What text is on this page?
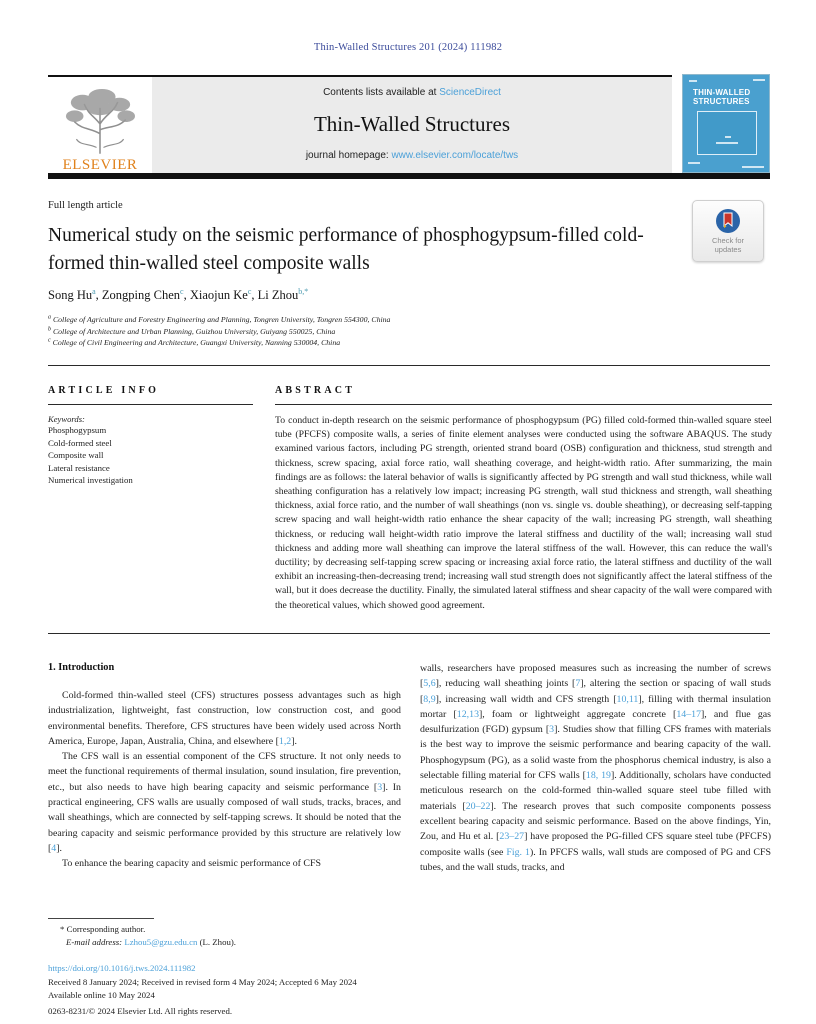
Thin-Walled Structures 201 (2024) 111982
ELSEVIER
Contents lists available at ScienceDirect
Thin-Walled Structures
journal homepage: www.elsevier.com/locate/tws
THIN-WALLED
STRUCTURES
Full length article
Numerical study on the seismic performance of phosphogypsum-filled cold-formed thin-walled steel composite walls
Check for
updates
Song Hu$^a$, Zongping Chen$^c$, Xiaojun Ke$^c$, Li Zhou$^{b,*}$
$^a$ College of Agriculture and Forestry Engineering and Planning, Tongren University, Tongren 554300, China
$^b$ College of Architecture and Urban Planning, Guizhou University, Guiyang 550025, China
$^c$ College of Civil Engineering and Architecture, Guangxi University, Nanning 530004, China
ARTICLE INFO
Keywords:
Phosphogypsum
Cold-formed steel
Composite wall
Lateral resistance
Numerical investigation
ABSTRACT
To conduct in-depth research on the seismic performance of phosphogypsum (PG) filled cold-formed thin-walled square steel tube (PFCFS) composite walls, a series of finite element analyses were conducted using the software ABAQUS. The study examined various factors, including PG strength, oriented strand board (OSB) configuration and thickness, stud strength and thickness, screw spacing, axial force ratio, wall sheathing coverage, and height-width ratio. After summarizing, the main findings are as follows: the lateral behavior of walls is significantly affected by PG strength and wall stud thickness, while wall sheathing configuration has a relatively low impact; increasing PG strength, wall stud thickness and strength, wall sheathing thickness, axial force ratio, and the number of wall sheathings (non vs. single vs. double sheathing), or decreasing self-tapping screw spacing and wall height-width ratio enhance the shear capacity of the wall; increasing PG strength, wall sheathing thickness, or reducing wall height-width ratio improve the lateral stiffness and ductility of the wall; increasing wall stud thickness and adding more wall sheathing can improve the lateral stiffness of the wall. However, this can reduce the wall's ductility; by decreasing self-tapping screw spacing or increasing axial force ratio, the lateral stiffness and ductility of the wall exhibit an increasing-then-decreasing trend; increasing wall stud strength does not significantly affect the lateral stiffness of the wall, but it does decrease the ductility. Finally, the simulated lateral stiffness and shear capacity of the wall were compared with the theoretical values, which showed good agreement.
1. Introduction
Cold-formed thin-walled steel (CFS) structures possess advantages such as high industrialization, lightweight, fast construction, low construction cost, and good environmental benefits. Therefore, CFS structures have been widely used across North America, Europe, Japan, Australia, China, and elsewhere [1,2].
The CFS wall is an essential component of the CFS structure. It not only needs to meet the functional requirements of thermal insulation, sound insulation, fire prevention, etc., but also needs to have high bearing capacity and seismic performance [3]. In practical engineering, CFS walls are usually composed of wall studs, tracks, braces, and wall sheathings, which are connected by self-tapping screws. It should be noted that the bearing capacity and seismic performance provided by this structure are relatively low [4].
To enhance the bearing capacity and seismic performance of CFS
walls, researchers have proposed measures such as increasing the number of screws [5,6], reducing wall sheathing joints [7], altering the section or spacing of wall studs [8,9], increasing wall width and CFS strength [10,11], filling with thermal insulation mortar [12,13], foam or lightweight aggregate concrete [14–17], and flue gas desulfurization (FGD) gypsum [3]. Studies show that filling CFS frames with materials is the best way to improve the seismic performance and bearing capacity of the wall. Phosphogypsum (PG), as a solid waste from the phosphorus chemical industry, is also a selectable filling material for CFS walls [18, 19]. Additionally, scholars have conducted meticulous research on the cold-formed thin-walled square steel tube filled with materials [20–22]. The research proves that such composite components possess excellent bearing capacity and seismic performance. Based on the above findings, Yin, Zou, and Hu et al. [23–27] have proposed the PG-filled CFS square steel tube (PFCFS) composite walls (see Fig. 1). In PFCFS walls, wall studs are composed of PG and CFS tubes, and the wall studs, tracks, and
* Corresponding author.
E-mail address: Lzhou5@gzu.edu.cn (L. Zhou).
https://doi.org/10.1016/j.tws.2024.111982
Received 8 January 2024; Received in revised form 4 May 2024; Accepted 6 May 2024
Available online 10 May 2024
0263-8231/© 2024 Elsevier Ltd. All rights reserved.
